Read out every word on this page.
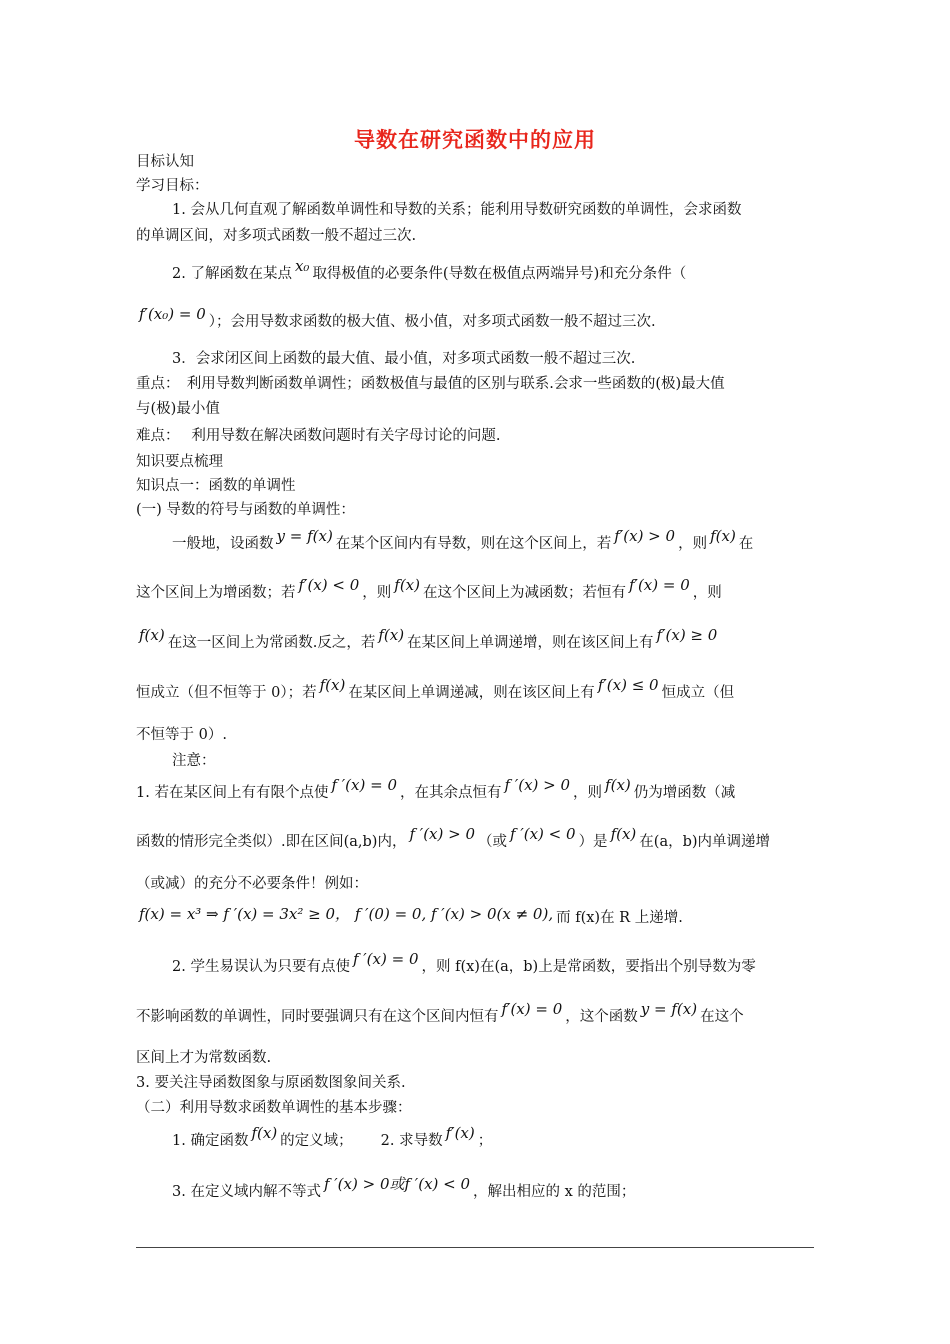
导数在研究函数中的应用
目标认知
学习目标：
1. 会从几何直观了解函数单调性和导数的关系；能利用导数研究函数的单调性，会求函数
的单调区间，对多项式函数一般不超过三次.
2. 了解函数在某点 x₀ 取得极值的必要条件(导数在极值点两端异号)和充分条件（
f′(x₀) = 0 ）；会用导数求函数的极大值、极小值，对多项式函数一般不超过三次.
3．会求闭区间上函数的最大值、最小值，对多项式函数一般不超过三次.
重点：　利用导数判断函数单调性；函数极值与最值的区别与联系.会求一些函数的(极)最大值
与(极)最小值
难点：　 利用导数在解决函数问题时有关字母讨论的问题.
知识要点梳理
知识点一：函数的单调性
(一) 导数的符号与函数的单调性：
一般地，设函数 y = f(x) 在某个区间内有导数，则在这个区间上，若 f′(x) > 0 ，则 f(x) 在
这个区间上为增函数；若 f′(x) < 0 ，则 f(x) 在这个区间上为减函数；若恒有 f′(x) = 0 ，则
f(x) 在这一区间上为常函数.反之，若 f(x) 在某区间上单调递增，则在该区间上有 f′(x) ≥ 0
恒成立（但不恒等于 0）；若 f(x) 在某区间上单调递减，则在该区间上有 f′(x) ≤ 0 恒成立（但
不恒等于 0）.
注意：
1. 若在某区间上有有限个点使 f ′(x) = 0 ，在其余点恒有 f ′(x) > 0 ，则 f(x) 仍为增函数（减
函数的情形完全类似）.即在区间(a,b)内， f ′(x) > 0 （或 f ′(x) < 0 ）是 f(x) 在(a，b)内单调递增
（或减）的充分不必要条件！例如：
f(x) = x³ ⇒ f ′(x) = 3x² ≥ 0， f ′(0) = 0, f ′(x) > 0(x ≠ 0), 而 f(x)在 R 上递增.
2. 学生易误认为只要有点使 f ′(x) = 0 ，则 f(x)在(a，b)上是常函数，要指出个别导数为零
不影响函数的单调性，同时要强调只有在这个区间内恒有 f′(x) = 0 ，这个函数 y = f(x) 在这个
区间上才为常数函数.
3. 要关注导函数图象与原函数图象间关系.
（二）利用导数求函数单调性的基本步骤：
1. 确定函数 f(x) 的定义域； 2. 求导数 f′(x) ；
3. 在定义域内解不等式 f ′(x) > 0或f ′(x) < 0 ，解出相应的 x 的范围；
